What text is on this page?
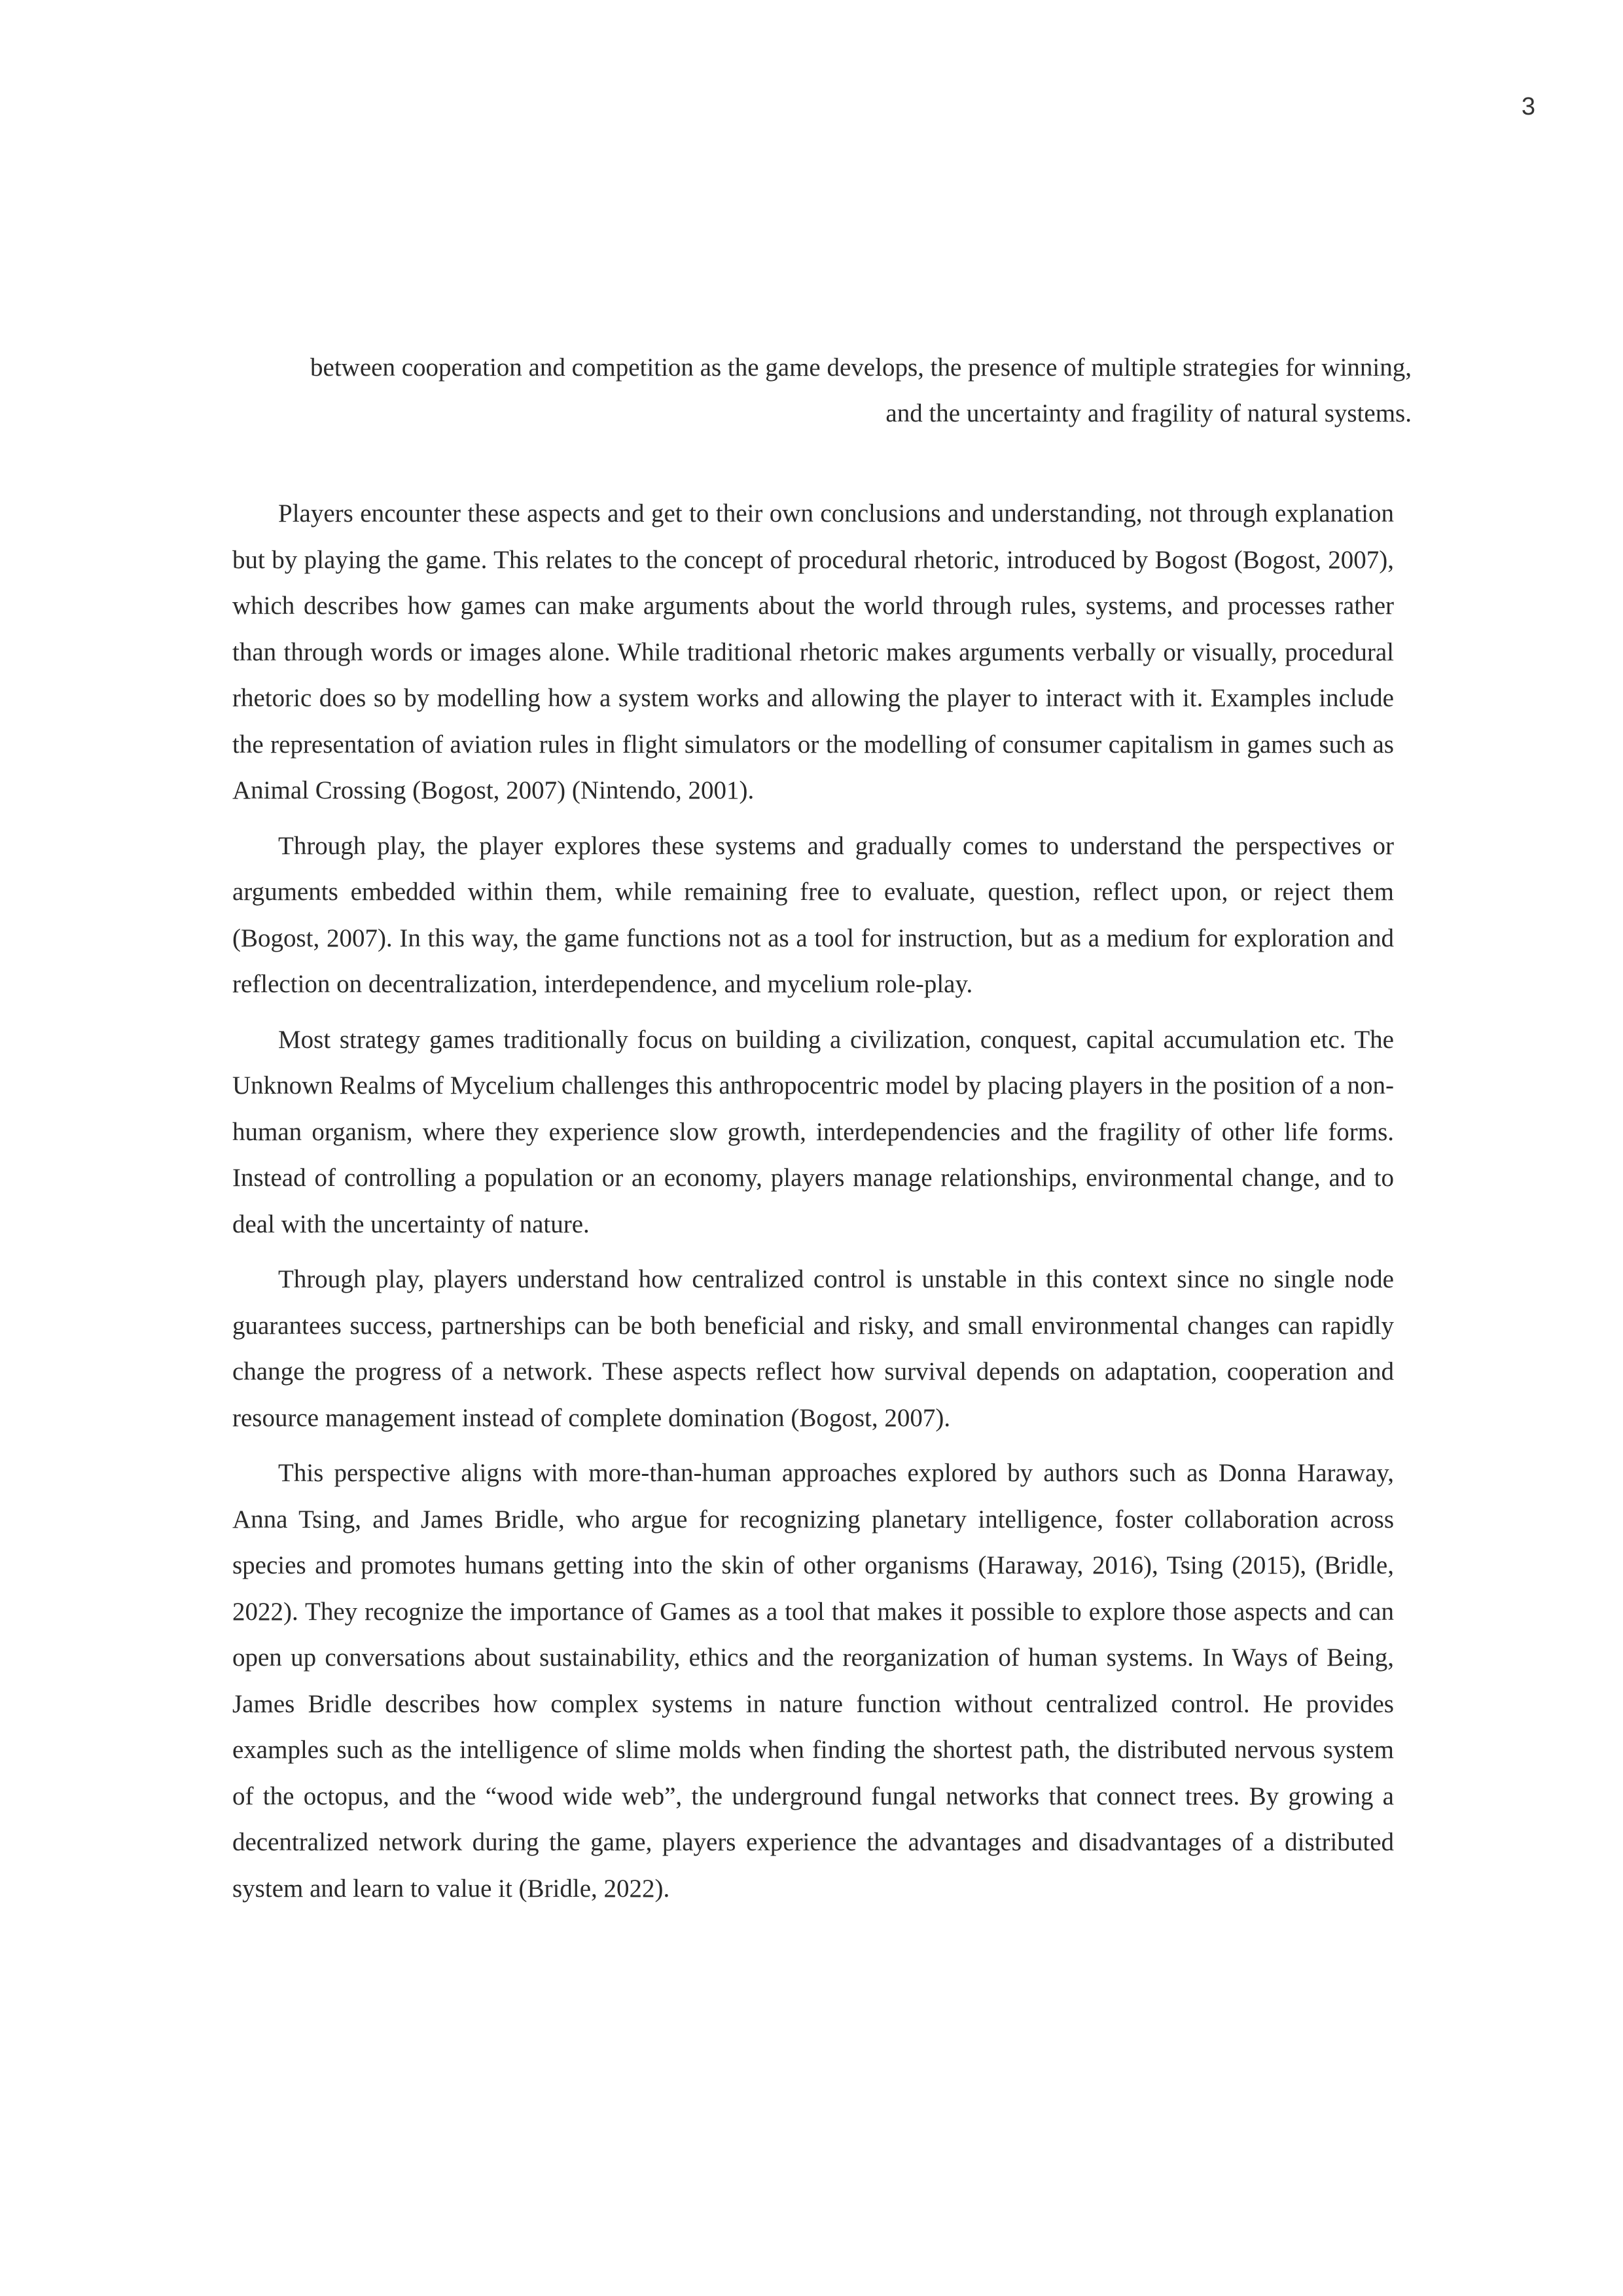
3
between cooperation and competition as the game develops, the presence of multiple strategies for winning,
and the uncertainty and fragility of natural systems.

Players encounter these aspects and get to their own conclusions and understanding, not through explanation but by playing the game. This relates to the concept of procedural rhetoric, introduced by Bogost (Bogost, 2007), which describes how games can make arguments about the world through rules, systems, and processes rather than through words or images alone. While traditional rhetoric makes arguments verbally or visually, procedural rhetoric does so by modelling how a system works and allowing the player to interact with it. Examples include the representation of aviation rules in flight simulators or the modelling of consumer capitalism in games such as Animal Crossing (Bogost, 2007) (Nintendo, 2001).

Through play, the player explores these systems and gradually comes to understand the perspectives or arguments embedded within them, while remaining free to evaluate, question, reflect upon, or reject them (Bogost, 2007). In this way, the game functions not as a tool for instruction, but as a medium for exploration and reflection on decentralization, interdependence, and mycelium role-play.

Most strategy games traditionally focus on building a civilization, conquest, capital accumulation etc. The Unknown Realms of Mycelium challenges this anthropocentric model by placing players in the position of a non-human organism, where they experience slow growth, interdependencies and the fragility of other life forms. Instead of controlling a population or an economy, players manage relationships, environmental change, and to deal with the uncertainty of nature.

Through play, players understand how centralized control is unstable in this context since no single node guarantees success, partnerships can be both beneficial and risky, and small environmental changes can rapidly change the progress of a network. These aspects reflect how survival depends on adaptation, cooperation and resource management instead of complete domination (Bogost, 2007).

This perspective aligns with more-than-human approaches explored by authors such as Donna Haraway, Anna Tsing, and James Bridle, who argue for recognizing planetary intelligence, foster collaboration across species and promotes humans getting into the skin of other organisms (Haraway, 2016), Tsing (2015), (Bridle, 2022). They recognize the importance of Games as a tool that makes it possible to explore those aspects and can open up conversations about sustainability, ethics and the reorganization of human systems. In Ways of Being, James Bridle describes how complex systems in nature function without centralized control. He provides examples such as the intelligence of slime molds when finding the shortest path, the distributed nervous system of the octopus, and the “wood wide web”, the underground fungal networks that connect trees. By growing a decentralized network during the game, players experience the advantages and disadvantages of a distributed system and learn to value it (Bridle, 2022).
